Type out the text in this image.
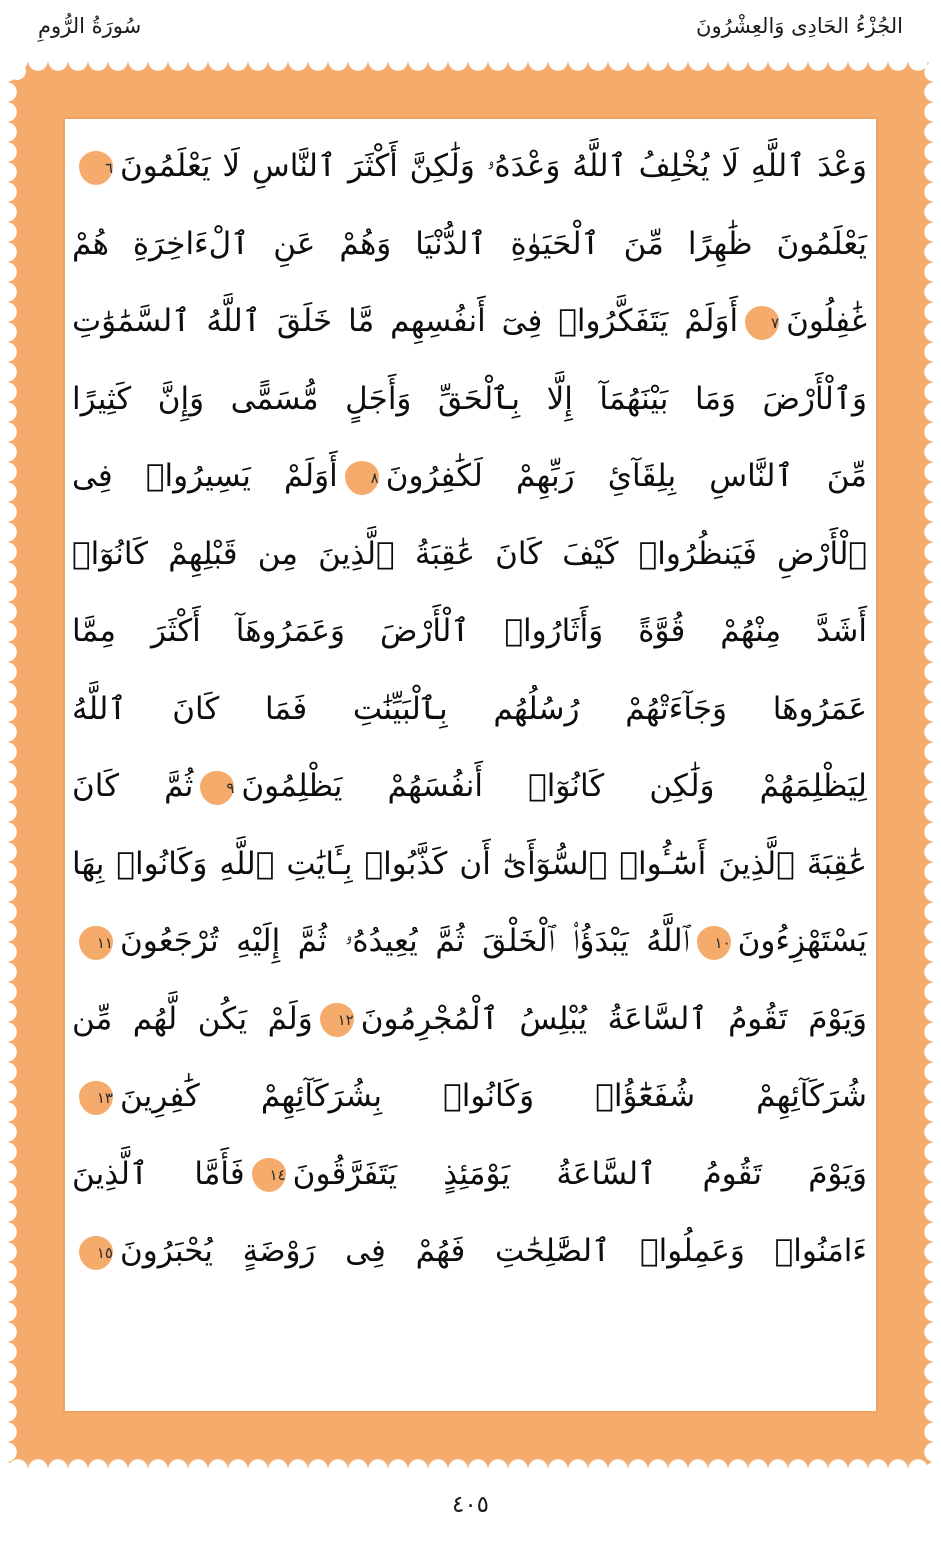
سُورَةُ الرُّومِ	الجُزْءُ الحَادِى وَالعِشْرُونَ
وَعْدَ ٱللَّهِ لَا يُخْلِفُ ٱللَّهُ وَعْدَهُۥ وَلَٰكِنَّ أَكْثَرَ ٱلنَّاسِ لَا يَعْلَمُونَ٦
يَعْلَمُونَ ظَٰهِرًا مِّنَ ٱلْحَيَوٰةِ ٱلدُّنْيَا وَهُمْ عَنِ ٱلْءَاخِرَةِ هُمْ
غَٰفِلُونَ٧أَوَلَمْ يَتَفَكَّرُوا۟ فِىٓ أَنفُسِهِم مَّا خَلَقَ ٱللَّهُ ٱلسَّمَٰوَٰتِ
وَٱلْأَرْضَ وَمَا بَيْنَهُمَآ إِلَّا بِٱلْحَقِّ وَأَجَلٍ مُّسَمًّى وَإِنَّ كَثِيرًا
مِّنَ ٱلنَّاسِ بِلِقَآئِ رَبِّهِمْ لَكَٰفِرُونَ٨أَوَلَمْ يَسِيرُوا۟ فِى
ٱلْأَرْضِ فَيَنظُرُوا۟ كَيْفَ كَانَ عَٰقِبَةُ ٱلَّذِينَ مِن قَبْلِهِمْ كَانُوٓا۟
أَشَدَّ مِنْهُمْ قُوَّةً وَأَثَارُوا۟ ٱلْأَرْضَ وَعَمَرُوهَآ أَكْثَرَ مِمَّا
عَمَرُوهَا وَجَآءَتْهُمْ رُسُلُهُم بِٱلْبَيِّنَٰتِ فَمَا كَانَ ٱللَّهُ
لِيَظْلِمَهُمْ وَلَٰكِن كَانُوٓا۟ أَنفُسَهُمْ يَظْلِمُونَ٩ثُمَّ كَانَ
عَٰقِبَةَ ٱلَّذِينَ أَسَٰٓـُٔوا۟ ٱلسُّوٓأَىٰٓ أَن كَذَّبُوا۟ بِـَٔايَٰتِ ٱللَّهِ وَكَانُوا۟ بِهَا
يَسْتَهْزِءُونَ١٠ٱللَّهُ يَبْدَؤُا۟ ٱلْخَلْقَ ثُمَّ يُعِيدُهُۥ ثُمَّ إِلَيْهِ تُرْجَعُونَ١١
وَيَوْمَ تَقُومُ ٱلسَّاعَةُ يُبْلِسُ ٱلْمُجْرِمُونَ١٢وَلَمْ يَكُن لَّهُم مِّن
شُرَكَآئِهِمْ شُفَعَٰٓؤُا۟ وَكَانُوا۟ بِشُرَكَآئِهِمْ كَٰفِرِينَ١٣
وَيَوْمَ تَقُومُ ٱلسَّاعَةُ يَوْمَئِذٍ يَتَفَرَّقُونَ١٤فَأَمَّا ٱلَّذِينَ
ءَامَنُوا۟ وَعَمِلُوا۟ ٱلصَّٰلِحَٰتِ فَهُمْ فِى رَوْضَةٍ يُحْبَرُونَ١٥
٤٠٥
